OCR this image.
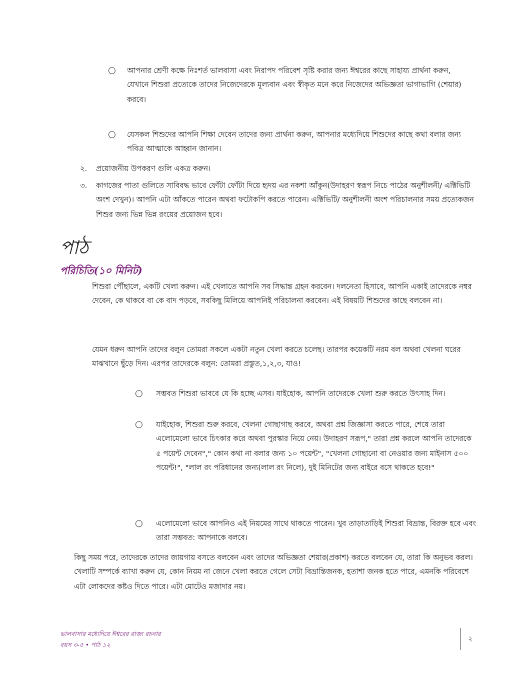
○ আপনার শ্রেণী কক্ষে নিঃশর্ত ভালবাসা এবং নিরাপদ পরিবেশ সৃষ্টি করার জন্য ঈশ্বরের কাছে সাহায্য প্রার্থনা করুন, যেখানে শিশুরা প্রত্যেকে তাদের নিজেদেরকে মূল্যবান এবং স্বীকৃত মনে করে নিজেদের অভিজ্ঞতা ভাগাভাগি (শেয়ার) করবে।

○ যেসকল শিশুদের আপনি শিক্ষা দেবেন তাদের জন্য প্রার্থনা করুন, আপনার মধ্যেদিয়ে শিশুদের কাছে কথা বলার জন্য পবিত্র আত্মাকে আহ্বান জানান।

২. প্রয়োজনীয় উপকরণ গুলি একত্র করুন।

৩. কাগজের পাতা গুলিতে সাবিবদ্ধ ভাবে ফোঁটা ফোঁটা দিয়ে হৃদয় এর নকশা আঁকুন(উদাহরণ স্বরূপ নিচে পাঠের অনুশীলনী/ এক্টিভিটি অংশ দেখুন)। আপনি এটা আঁকতে পারেন অথবা ফটোকপি করতে পারেন। এক্টিভিটি/ অনুশীলনী অংশ পরিচালনার সময় প্রত্যেকজন শিশুর জন্য ভিন্ন ভিন্ন রংয়ের প্রয়োজন হবে।

পাঠ
পরিচিতি(১০ মিনিট)

শিশুরা পৌঁছালে, একটি খেলা করুন। এই খেলাতে আপনি সব সিদ্ধান্ত গ্রহন করবেন। দলনেতা হিসাবে, আপনি একাই তাদেরকে নম্বর দেবেন, কে থাকবে বা কে বাদ পড়বে, সবকিছু মিলিয়ে আপনিই পরিচালনা করবেন। এই বিষয়টি শিশুদের কাছে বলবেন না।

যেমন ধরুন আপনি তাদের বলুন তোমরা সকলে একটা নতুন খেলা করতে চলেছ। তারপর কয়েকটি নরম বল অথবা খেলনা ঘরের মাঝখানে ছুঁড়ে দিন। এরপর তাদেরকে বলুন: তোমরা প্রস্তুত,১,২,৩, যাও!

○ সম্ভবত শিশুরা ভাববে যে কি হচ্ছে এসব। যাইহোক, আপনি তাদেরকে খেলা শুরু করতে উৎসাহ দিন।

○ যাইহোক, শিশুরা শুরু করবে, খেলনা গোছাগাছ করবে, অথবা প্রশ্ন জিজ্ঞাসা করতে পারে, শেষে তারা এলোমেলো ভাবে চিৎকার করে অথবা পুরস্কার নিয়ে নেয়। উদাহরণ সরূপ," তারা প্রশ্ন করলে আপনি তাদেরকে ৫ পয়েন্ট দেবেন"," কোন কথা না বলার জন্য ১০ পয়েন্ট", "খেলনা গোছানো বা নেওয়ার জন্য মাইনাস ৫০০ পয়েন্ট!", "লাল রং পরিধানের জন্য(লাল রং নিলে), দুই মিনিটের জন্য বাইরে বসে থাকতে হবে!"

○ এলোমেলো ভাবে আপনিও এই নিয়মের সাথে থাকতে পারেন। খুব তাড়াতাড়িই শিশুরা বিভ্রান্ত, বিরক্ত হবে এবং তারা সম্ভবত: আপনাকে বলবে।

কিছু সময় পরে, তাদেরকে তাদের জায়গায় বসতে বলবেন এবং তাদের অভিজ্ঞতা শেয়ার(প্রকাশ) করতে বলবেন যে, তারা কি অনুভব করল। খেলাটি সম্পর্কে ব্যাখা করুন যে, কোন নিয়ম না জেনে খেলা করতে গেলে সেটা বিভ্রান্তিজনক, হতাশা জনক হতে পারে, এমনকি পরিবেশে এটা লোকদের কষ্টও দিতে পারে। এটা মোটেও মজাদার নয়।

ভালবাসার মধ্যেদিয়ে ঈশ্বরের রাজ্য রচনার
বয়স ৩-৫ • পাঠ ১২
২
